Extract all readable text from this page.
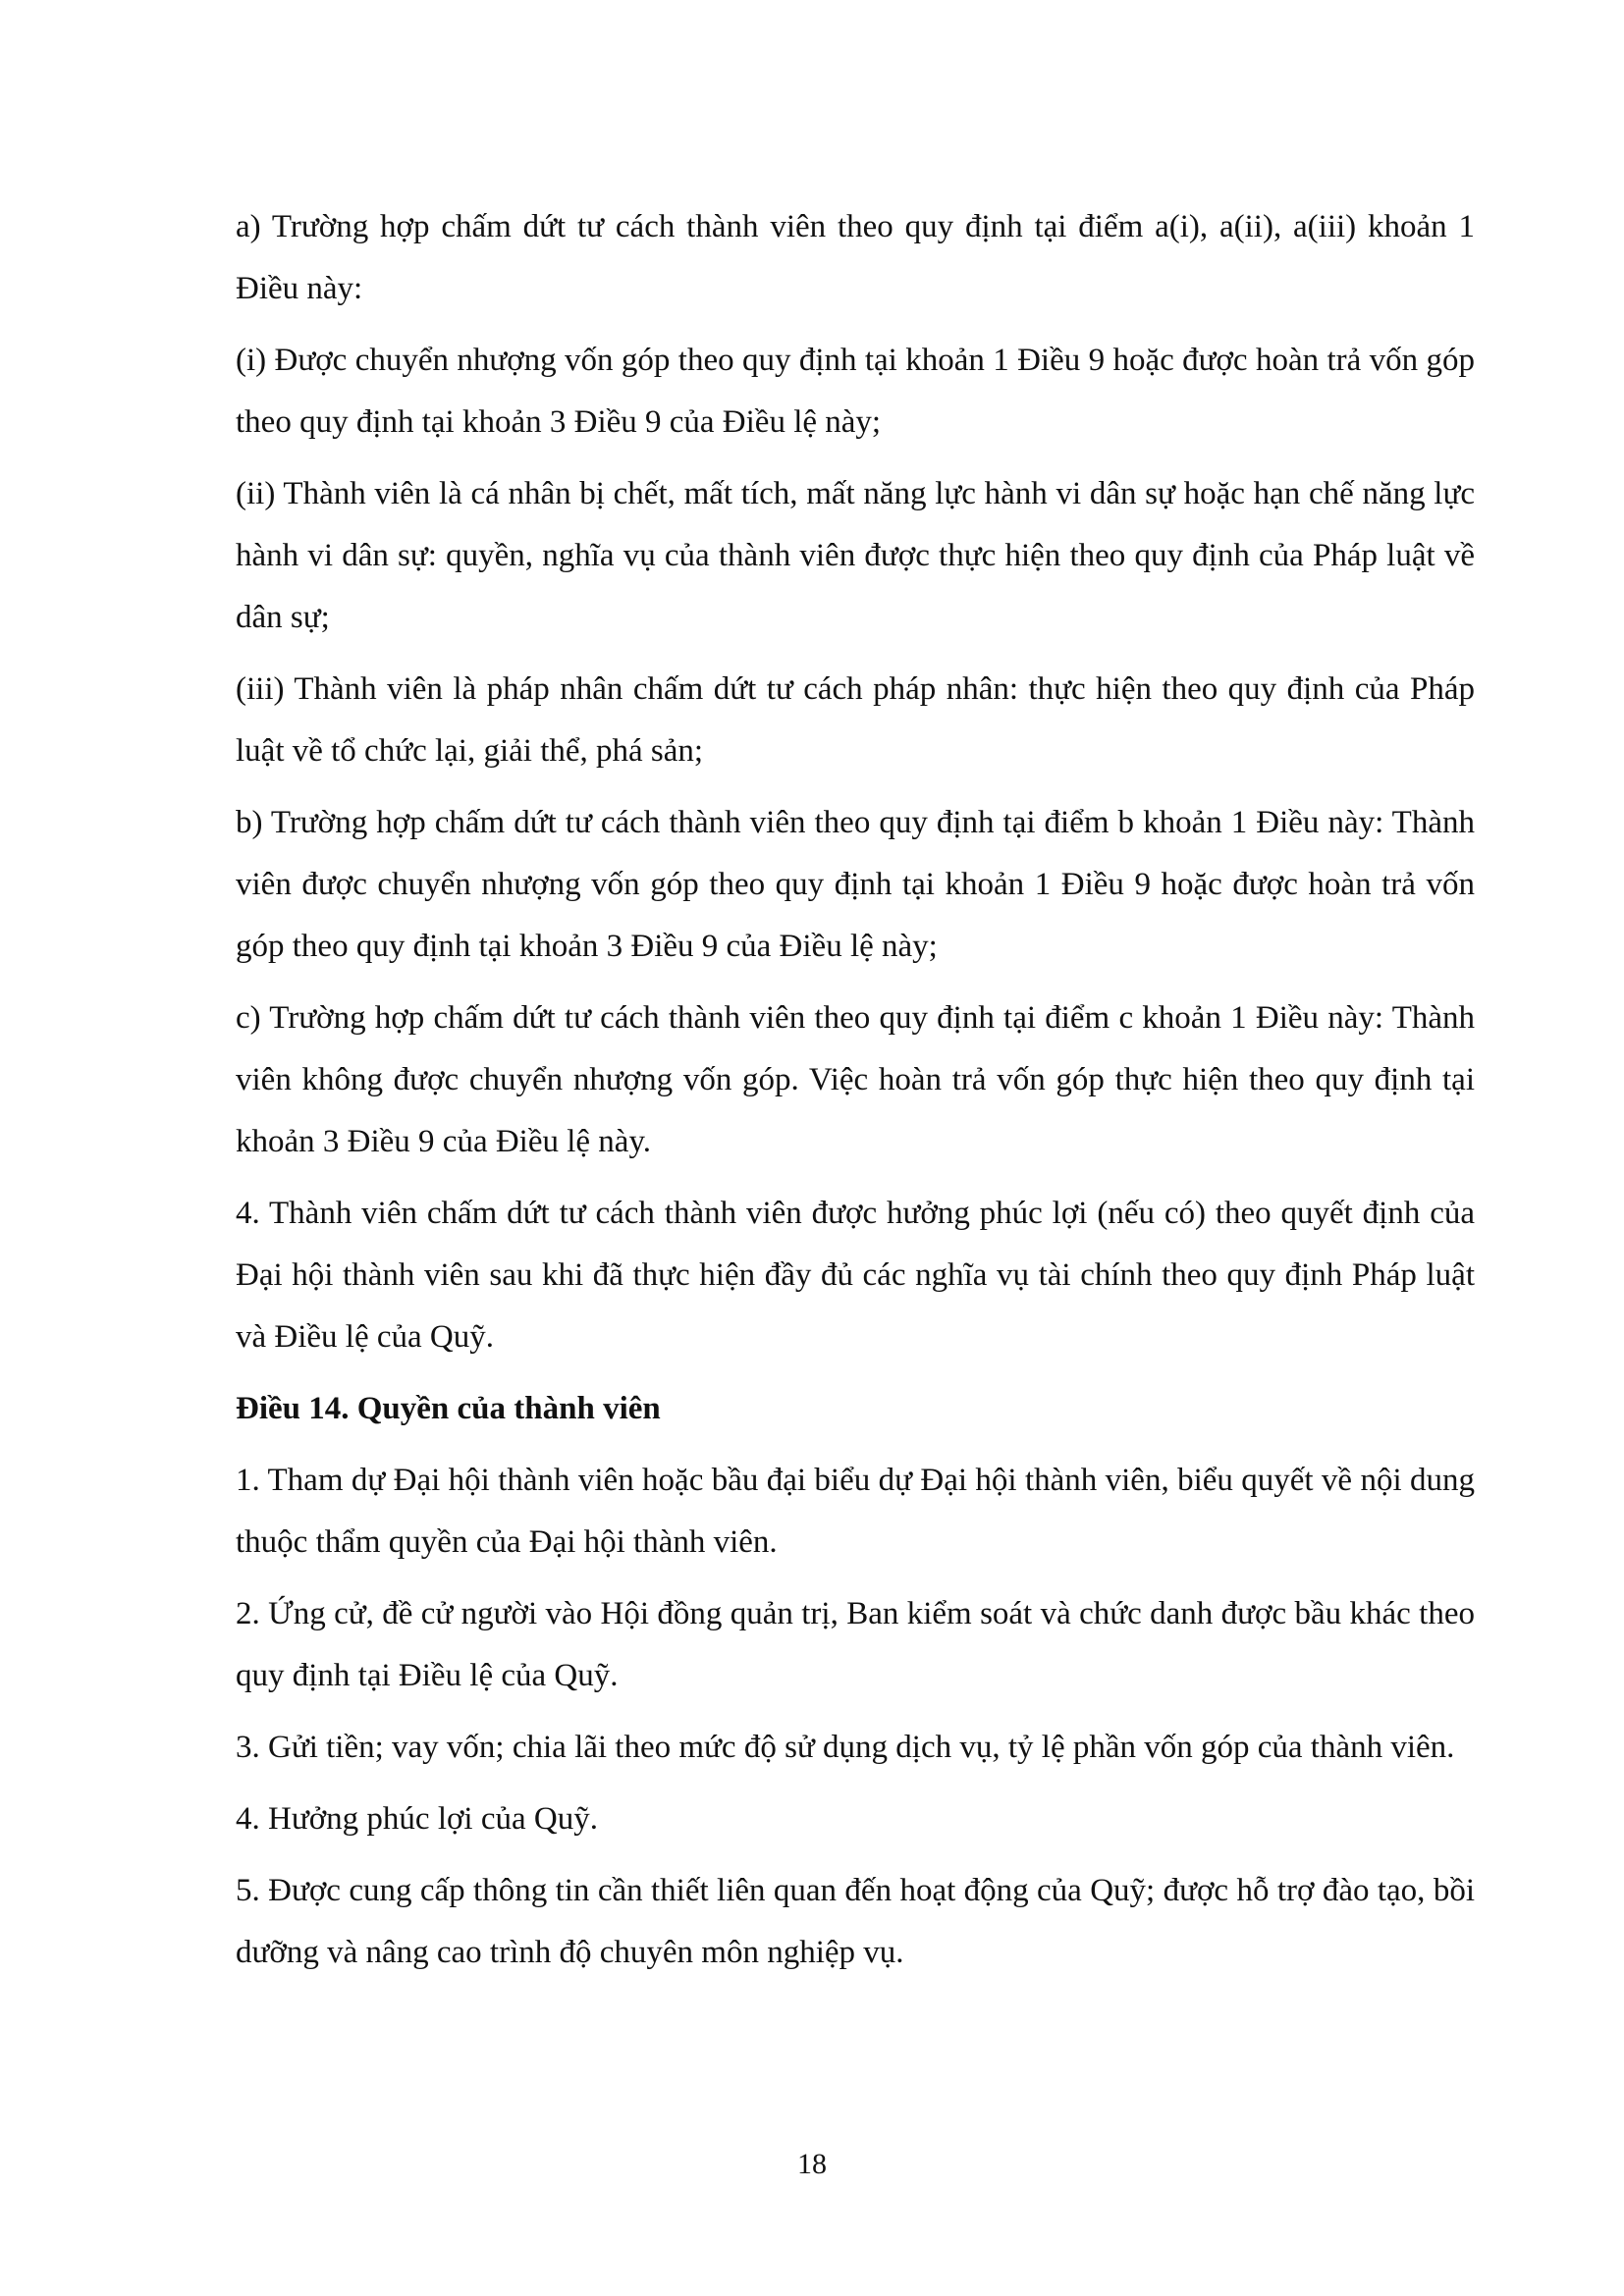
a) Trường hợp chấm dứt tư cách thành viên theo quy định tại điểm a(i), a(ii), a(iii) khoản 1 Điều này:

(i) Được chuyển nhượng vốn góp theo quy định tại khoản 1 Điều 9 hoặc được hoàn trả vốn góp theo quy định tại khoản 3 Điều 9 của Điều lệ này;

(ii) Thành viên là cá nhân bị chết, mất tích, mất năng lực hành vi dân sự hoặc hạn chế năng lực hành vi dân sự: quyền, nghĩa vụ của thành viên được thực hiện theo quy định của Pháp luật về dân sự;

(iii) Thành viên là pháp nhân chấm dứt tư cách pháp nhân: thực hiện theo quy định của Pháp luật về tổ chức lại, giải thể, phá sản;

b) Trường hợp chấm dứt tư cách thành viên theo quy định tại điểm b khoản 1 Điều này: Thành viên được chuyển nhượng vốn góp theo quy định tại khoản 1 Điều 9 hoặc được hoàn trả vốn góp theo quy định tại khoản 3 Điều 9 của Điều lệ này;

c) Trường hợp chấm dứt tư cách thành viên theo quy định tại điểm c khoản 1 Điều này: Thành viên không được chuyển nhượng vốn góp. Việc hoàn trả vốn góp thực hiện theo quy định tại khoản 3 Điều 9 của Điều lệ này.

4. Thành viên chấm dứt tư cách thành viên được hưởng phúc lợi (nếu có) theo quyết định của Đại hội thành viên sau khi đã thực hiện đầy đủ các nghĩa vụ tài chính theo quy định Pháp luật và Điều lệ của Quỹ.

Điều 14. Quyền của thành viên

1. Tham dự Đại hội thành viên hoặc bầu đại biểu dự Đại hội thành viên, biểu quyết về nội dung thuộc thẩm quyền của Đại hội thành viên.

2. Ứng cử, đề cử người vào Hội đồng quản trị, Ban kiểm soát và chức danh được bầu khác theo quy định tại Điều lệ của Quỹ.

3. Gửi tiền; vay vốn; chia lãi theo mức độ sử dụng dịch vụ, tỷ lệ phần vốn góp của thành viên.

4. Hưởng phúc lợi của Quỹ.

5. Được cung cấp thông tin cần thiết liên quan đến hoạt động của Quỹ; được hỗ trợ đào tạo, bồi dưỡng và nâng cao trình độ chuyên môn nghiệp vụ.

18
